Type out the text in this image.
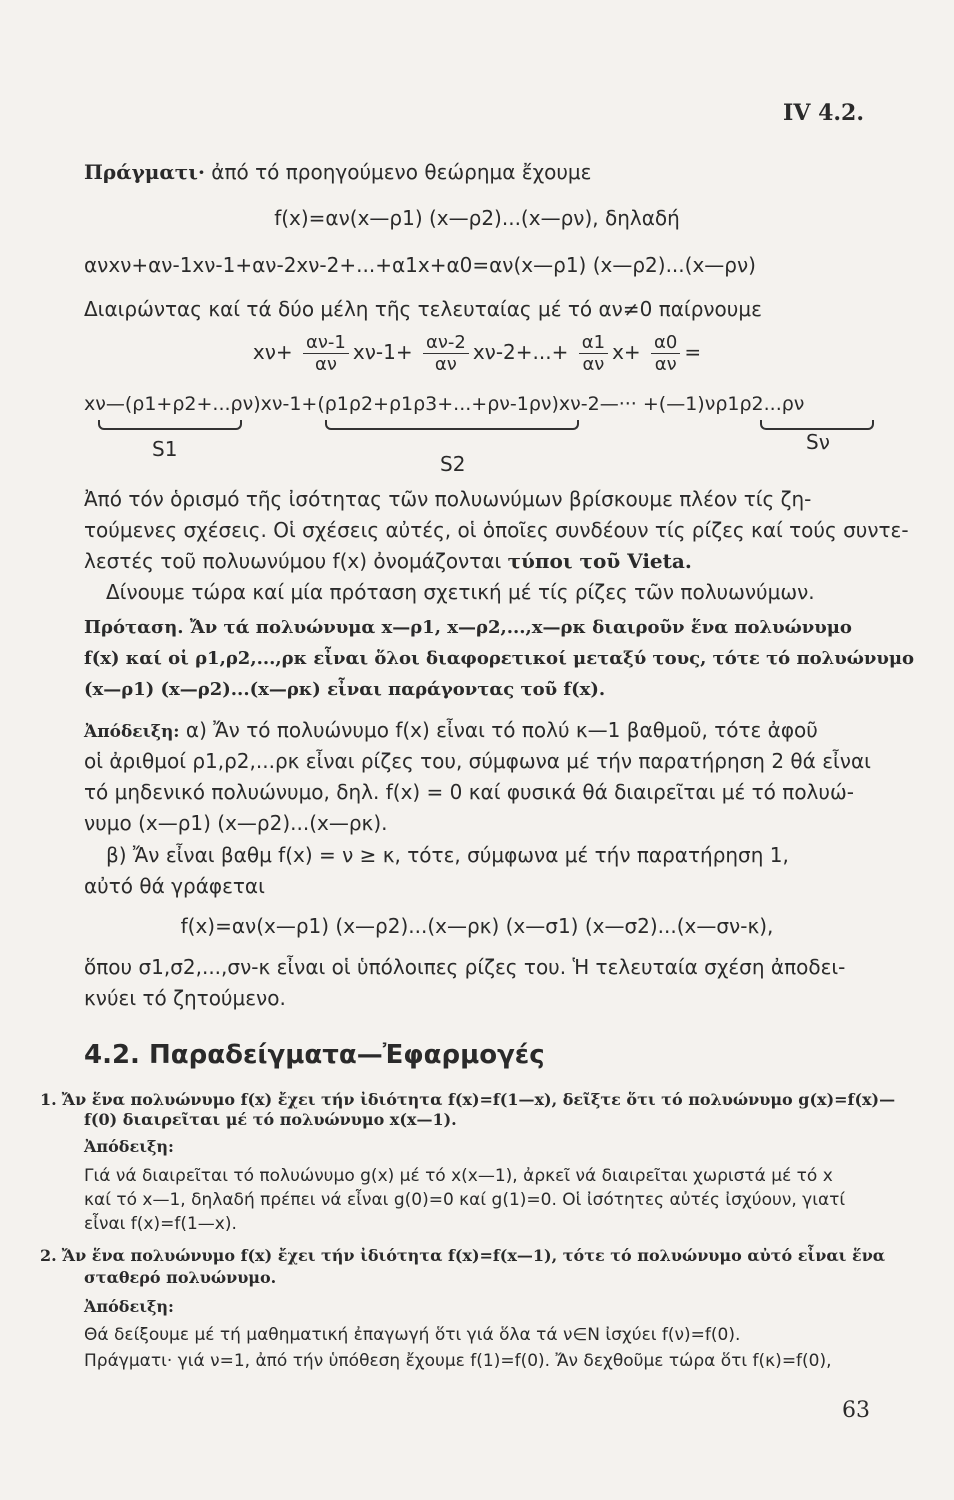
IV 4.2.
Πράγματι· ἀπό τό προηγούμενο θεώρημα ἔχουμε
f(x)=αν(x—ρ1) (x—ρ2)...(x—ρν), δηλαδή
ανxν+αν-1xν-1+αν-2xν-2+...+α1x+α0=αν(x—ρ1) (x—ρ2)...(x—ρν)
Διαιρώντας καί τά δύο μέλη τῆς τελευταίας μέ τό αν≠0 παίρνουμε
$x\nu+ \frac{\alpha\nu-1}{\alpha\nu} x\nu-1+ \frac{\alpha\nu-2}{\alpha\nu} x\nu-2+...+ \frac{\alpha 1}{\alpha\nu} x+ \frac{\alpha 0}{\alpha\nu}$ =
xν—(ρ1+ρ2+...ρν)xν-1+(ρ1ρ2+ρ1ρ3+...+ρν-1ρν)xν-2—··· +(—1)νρ1ρ2...ρν
S1
S2
Sν
Ἀπό τόν ὁρισμό τῆς ἰσότητας τῶν πολυωνύμων βρίσκουμε πλέον τίς ζη-
τούμενες σχέσεις. Οἱ σχέσεις αὐτές, οἱ ὁποῖες συνδέουν τίς ρίζες καί τούς συντε-
λεστές τοῦ πολυωνύμου f(x) ὀνομάζονται τύποι τοῦ Vieta.
Δίνουμε τώρα καί μία πρόταση σχετική μέ τίς ρίζες τῶν πολυωνύμων.
Πρόταση. Ἄν τά πολυώνυμα x—ρ1, x—ρ2,...,x—ρκ διαιροῦν ἕνα πολυώνυμο
f(x) καί οἱ ρ1,ρ2,...,ρκ εἶναι ὅλοι διαφορετικοί μεταξύ τους, τότε τό πολυώνυμο
(x—ρ1) (x—ρ2)...(x—ρκ) εἶναι παράγοντας τοῦ f(x).
Ἀπόδειξη: α) Ἄν τό πολυώνυμο f(x) εἶναι τό πολύ κ—1 βαθμοῦ, τότε ἀφοῦ
οἱ ἀριθμοί ρ1,ρ2,...ρκ εἶναι ρίζες του, σύμφωνα μέ τήν παρατήρηση 2 θά εἶναι
τό μηδενικό πολυώνυμο, δηλ. f(x) = 0 καί φυσικά θά διαιρεῖται μέ τό πολυώ-
νυμο (x—ρ1) (x—ρ2)...(x—ρκ).
β) Ἄν εἶναι βαθμ f(x) = ν ≥ κ, τότε, σύμφωνα μέ τήν παρατήρηση 1,
αὐτό θά γράφεται
f(x)=αν(x—ρ1) (x—ρ2)...(x—ρκ) (x—σ1) (x—σ2)...(x—σν-κ),
ὅπου σ1,σ2,...,σν-κ εἶναι οἱ ὑπόλοιπες ρίζες του. Ἡ τελευταία σχέση ἀποδει-
κνύει τό ζητούμενο.
4.2. Παραδείγματα—Ἐφαρμογές
1. Ἄν ἕνα πολυώνυμο f(x) ἔχει τήν ἰδιότητα f(x)=f(1—x), δεῖξτε ὅτι τό πολυώνυμο g(x)=f(x)—
f(0) διαιρεῖται μέ τό πολυώνυμο x(x—1).
Ἀπόδειξη:
Γιά νά διαιρεῖται τό πολυώνυμο g(x) μέ τό x(x—1), ἀρκεῖ νά διαιρεῖται χωριστά μέ τό x
καί τό x—1, δηλαδή πρέπει νά εἶναι g(0)=0 καί g(1)=0. Οἱ ἰσότητες αὐτές ἰσχύουν, γιατί
εἶναι f(x)=f(1—x).
2. Ἄν ἕνα πολυώνυμο f(x) ἔχει τήν ἰδιότητα f(x)=f(x—1), τότε τό πολυώνυμο αὐτό εἶναι ἕνα
σταθερό πολυώνυμο.
Ἀπόδειξη:
Θά δείξουμε μέ τή μαθηματική ἐπαγωγή ὅτι γιά ὅλα τά ν∈N ἰσχύει f(ν)=f(0).
Πράγματι· γιά ν=1, ἀπό τήν ὑπόθεση ἔχουμε f(1)=f(0). Ἄν δεχθοῦμε τώρα ὅτι f(κ)=f(0),
63
